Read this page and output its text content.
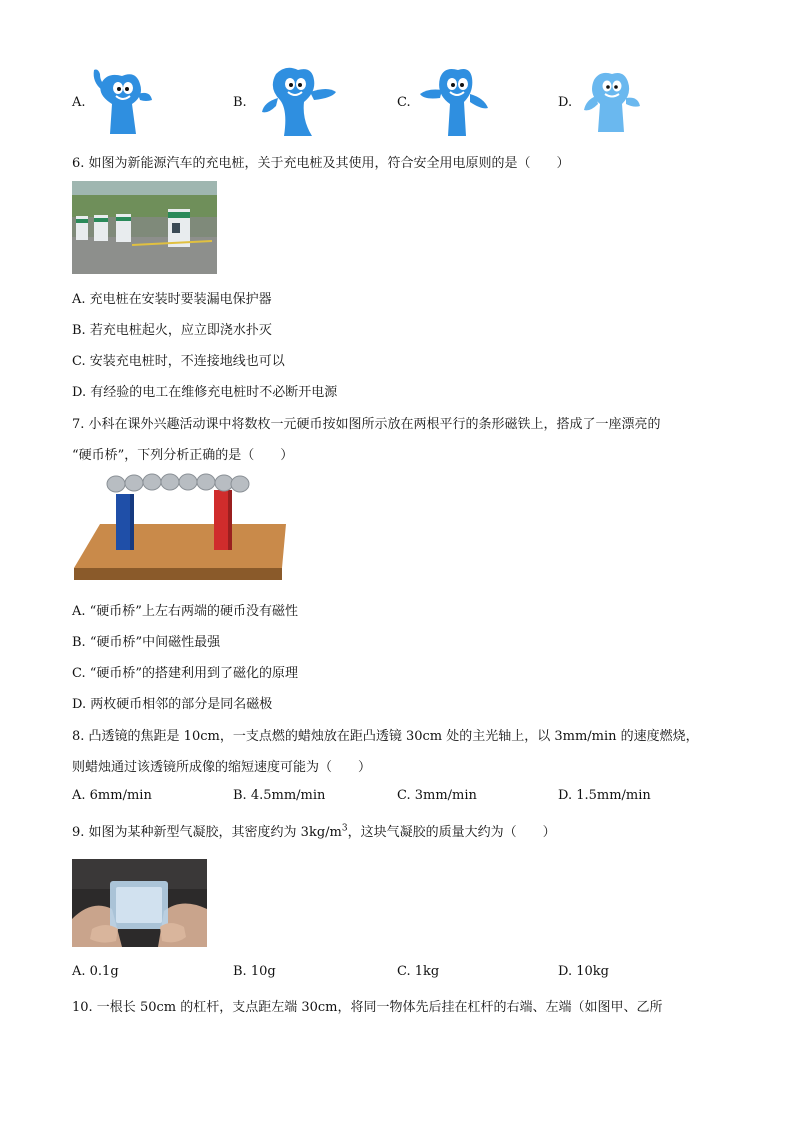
A.	B.	C.	D.
6. 如图为新能源汽车的充电桩，关于充电桩及其使用，符合安全用电原则的是（　　）
A. 充电桩在安装时要装漏电保护器
B. 若充电桩起火，应立即浇水扑灭
C. 安装充电桩时，不连接地线也可以
D. 有经验的电工在维修充电桩时不必断开电源
7. 小科在课外兴趣活动课中将数枚一元硬币按如图所示放在两根平行的条形磁铁上，搭成了一座漂亮的
“硬币桥”，下列分析正确的是（　　）
A. “硬币桥”上左右两端的硬币没有磁性
B. “硬币桥”中间磁性最强
C. “硬币桥”的搭建利用到了磁化的原理
D. 两枚硬币相邻的部分是同名磁极
8. 凸透镜的焦距是 10cm，一支点燃的蜡烛放在距凸透镜 30cm 处的主光轴上，以 3mm/min 的速度燃烧，
则蜡烛通过该透镜所成像的缩短速度可能为（　　）
A. 6mm/min	B. 4.5mm/min	C. 3mm/min	D. 1.5mm/min
9. 如图为某种新型气凝胶，其密度约为 $3kg/m^3$，这块气凝胶的质量大约为（　　）
A. 0.1g	B. 10g	C. 1kg	D. 10kg
10. 一根长 50cm 的杠杆，支点距左端 30cm，将同一物体先后挂在杠杆的右端、左端（如图甲、乙所
